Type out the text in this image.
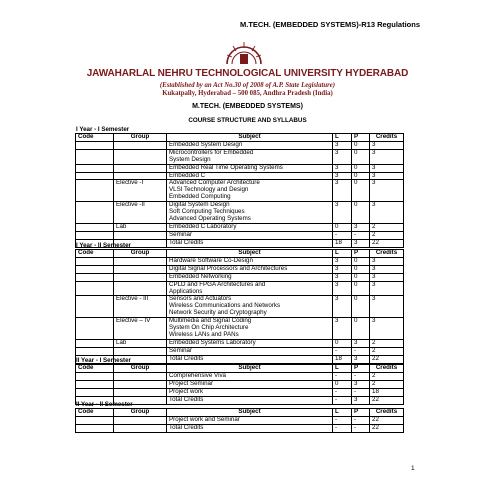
M.TECH. (EMBEDDED SYSTEMS)-R13 Regulations
JAWAHARLAL NEHRU TECHNOLOGICAL UNIVERSITY HYDERABAD
(Established by an Act No.30 of 2008 of A.P. State Legislature)
Kukatpally, Hyderabad – 500 085, Andhra Pradesh (India)
M.TECH. (EMBEDDED SYSTEMS)
COURSE STRUCTURE AND SYLLABUS
I Year - I Semester
Code	Group	Subject	L	P	Credits
		Embedded System Design	3	0	3
		Microcontrollers for Embedded
System Design	3	0	3
		Embedded Real Time Operating Systems	3	0	3
		Embedded C	3	0	3
	Elective -I	Advanced Computer Architecture
VLSI Technology and Design
Embedded Computing	3	0	3
	Elective -II	Digital System Design
Soft Computing Techniques
Advanced Operating Systems	3	0	3
	Lab	Embedded C Laboratory	0	3	2
		Seminar	-	-	2
		Total Credits	18	3	22
I Year - II Semester
Code	Group	Subject	L	P	Credits
		Hardware Software Co-Design	3	0	3
		Digital Signal Processors and Architectures	3	0	3
		Embedded Networking	3	0	3
		CPLD and FPGA Architectures and
Applications	3	0	3
	Elective - III	Sensors and Actuators
Wireless Communications and Networks
Network Security and Cryptography	3	0	3
	Elective – IV	Multimedia and Signal Coding
System On Chip Architecture
Wireless LANs and PANs	3	0	3
	Lab	Embedded Systems Laboratory	0	3	2
		Seminar	-	-	2
		Total Credits	18	3	22
II Year - I Semester
Code	Group	Subject	L	P	Credits
		Comprehensive Viva	-	-	2
		Project Seminar	0	3	2
		Project work	-	-	18
		Total Credits	-	3	22
II Year - II Semester
Code	Group	Subject	L	P	Credits
		Project work and Seminar	-	-	22
		Total Credits	-	-	22
1
